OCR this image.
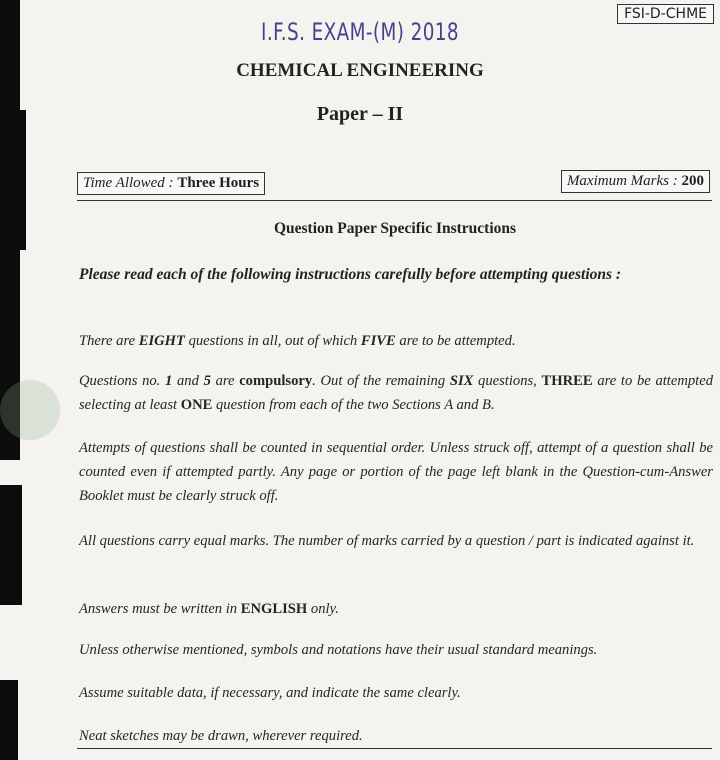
FSI-D-CHME
I.F.S. EXAM-(M) 2018
CHEMICAL ENGINEERING
Paper – II
Time Allowed : Three Hours	Maximum Marks : 200
Question Paper Specific Instructions
Please read each of the following instructions carefully before attempting questions :
There are EIGHT questions in all, out of which FIVE are to be attempted.
Questions no. 1 and 5 are compulsory. Out of the remaining SIX questions, THREE are to be attempted selecting at least ONE question from each of the two Sections A and B.
Attempts of questions shall be counted in sequential order. Unless struck off, attempt of a question shall be counted even if attempted partly. Any page or portion of the page left blank in the Question-cum-Answer Booklet must be clearly struck off.
All questions carry equal marks. The number of marks carried by a question / part is indicated against it.
Answers must be written in ENGLISH only.
Unless otherwise mentioned, symbols and notations have their usual standard meanings.
Assume suitable data, if necessary, and indicate the same clearly.
Neat sketches may be drawn, wherever required.
